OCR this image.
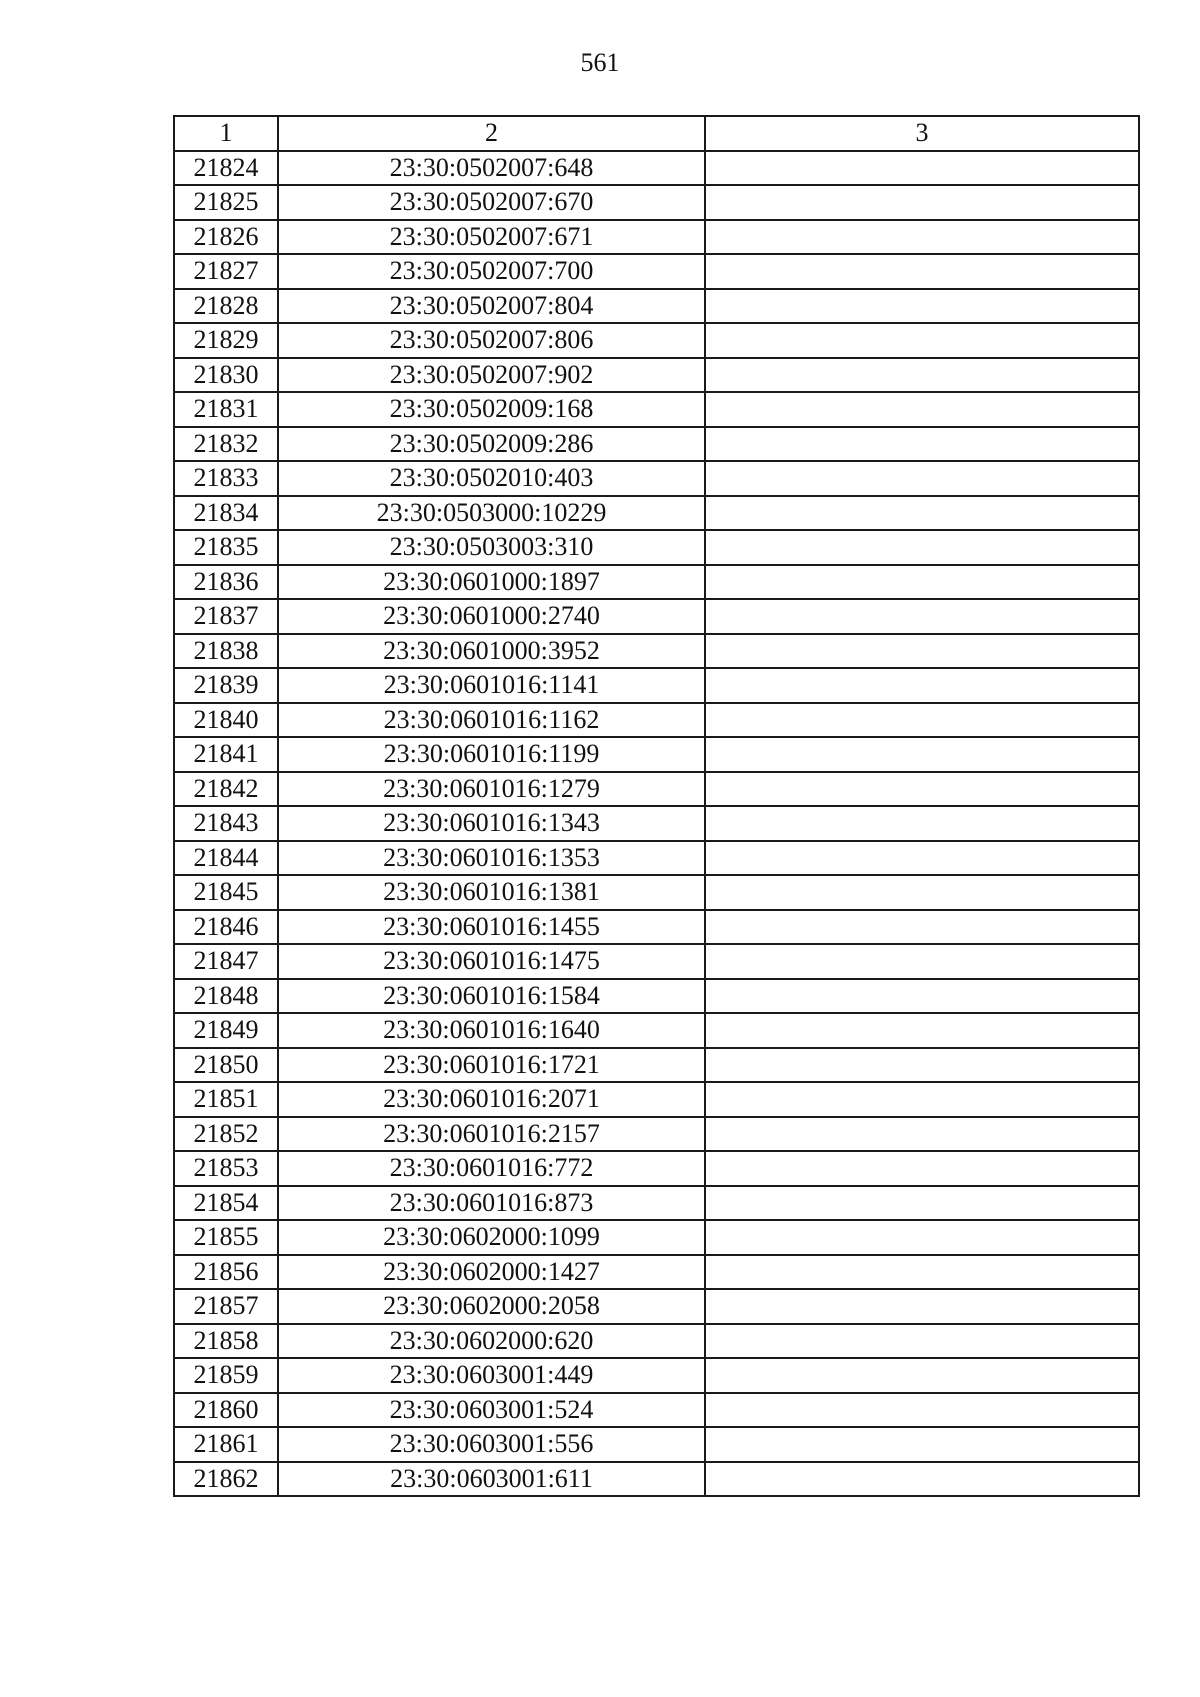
561
1	2	3
21824	23:30:0502007:648	
21825	23:30:0502007:670	
21826	23:30:0502007:671	
21827	23:30:0502007:700	
21828	23:30:0502007:804	
21829	23:30:0502007:806	
21830	23:30:0502007:902	
21831	23:30:0502009:168	
21832	23:30:0502009:286	
21833	23:30:0502010:403	
21834	23:30:0503000:10229	
21835	23:30:0503003:310	
21836	23:30:0601000:1897	
21837	23:30:0601000:2740	
21838	23:30:0601000:3952	
21839	23:30:0601016:1141	
21840	23:30:0601016:1162	
21841	23:30:0601016:1199	
21842	23:30:0601016:1279	
21843	23:30:0601016:1343	
21844	23:30:0601016:1353	
21845	23:30:0601016:1381	
21846	23:30:0601016:1455	
21847	23:30:0601016:1475	
21848	23:30:0601016:1584	
21849	23:30:0601016:1640	
21850	23:30:0601016:1721	
21851	23:30:0601016:2071	
21852	23:30:0601016:2157	
21853	23:30:0601016:772	
21854	23:30:0601016:873	
21855	23:30:0602000:1099	
21856	23:30:0602000:1427	
21857	23:30:0602000:2058	
21858	23:30:0602000:620	
21859	23:30:0603001:449	
21860	23:30:0603001:524	
21861	23:30:0603001:556	
21862	23:30:0603001:611	
